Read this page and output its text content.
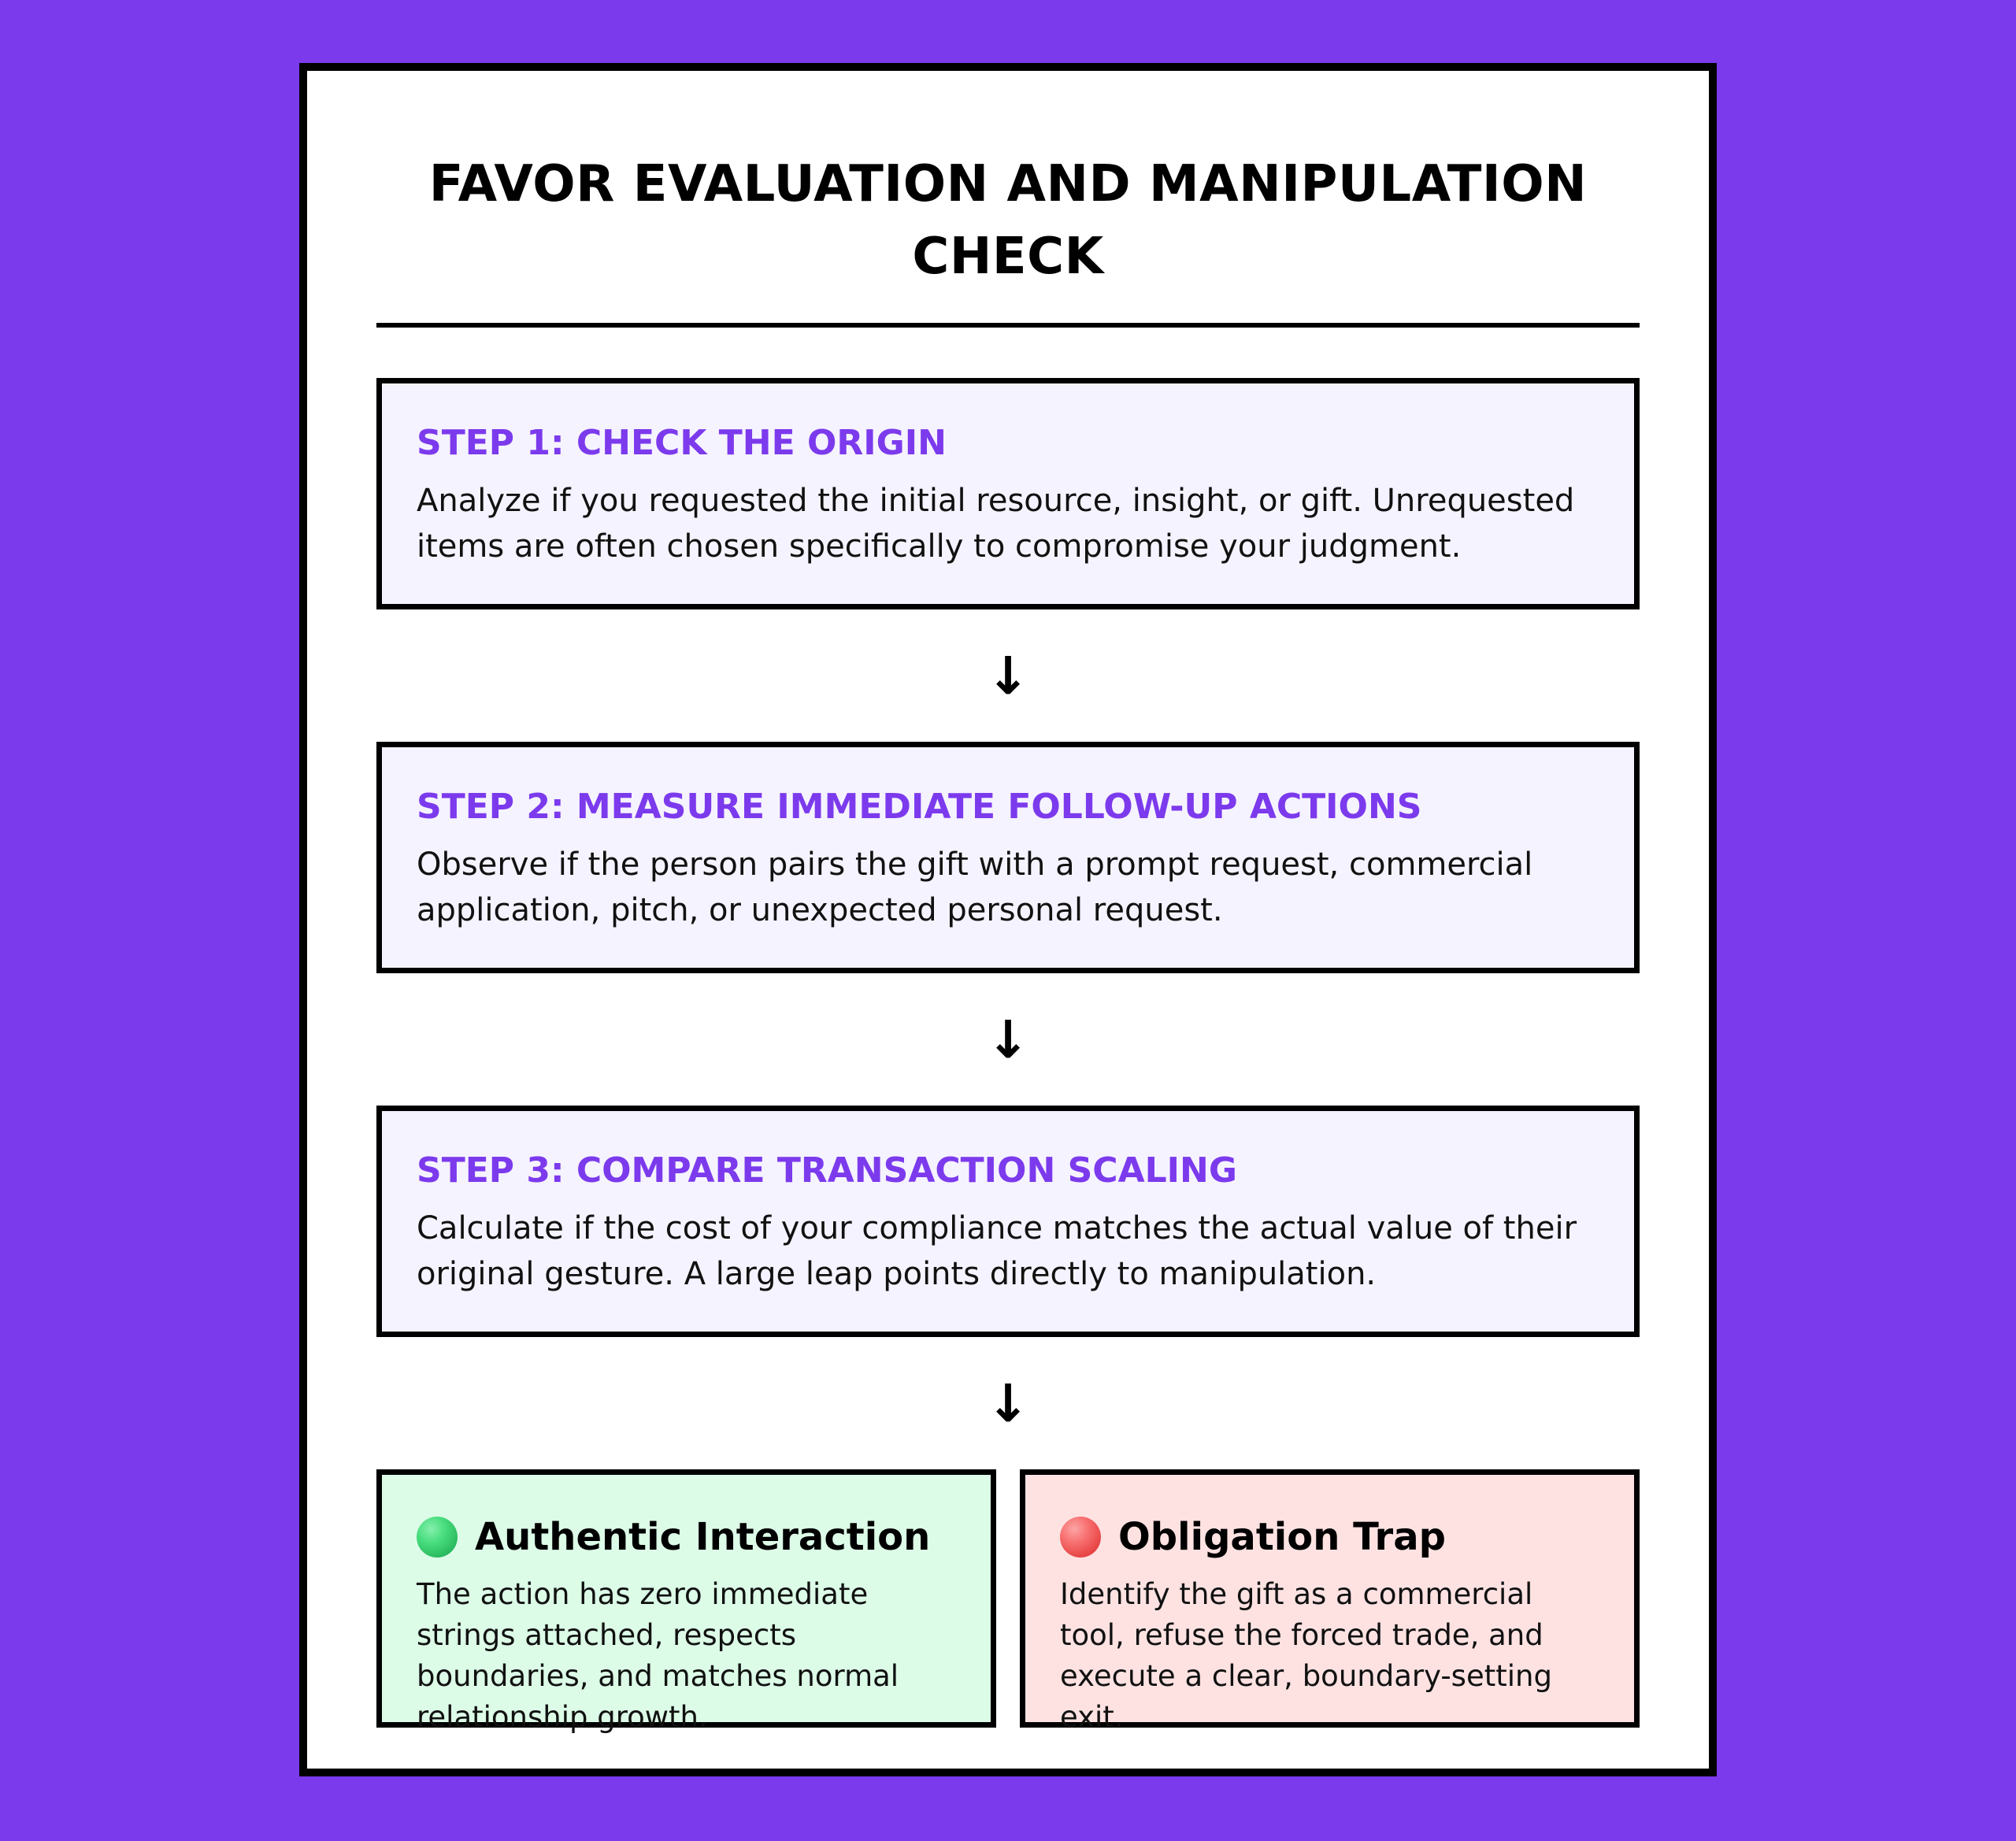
FAVOR EVALUATION AND MANIPULATION CHECK
STEP 1: CHECK THE ORIGIN

Analyze if you requested the initial resource, insight, or gift. Unrequested items are often chosen specifically to compromise your judgment.

↓
STEP 2: MEASURE IMMEDIATE FOLLOW-UP ACTIONS

Observe if the person pairs the gift with a prompt request, commercial application, pitch, or unexpected personal request.

↓
STEP 3: COMPARE TRANSACTION SCALING

Calculate if the cost of your compliance matches the actual value of their original gesture. A large leap points directly to manipulation.

↓
Authentic Interaction

The action has zero immediate strings attached, respects boundaries, and matches normal relationship growth.

Obligation Trap

Identify the gift as a commercial tool, refuse the forced trade, and execute a clear, boundary-setting exit.
